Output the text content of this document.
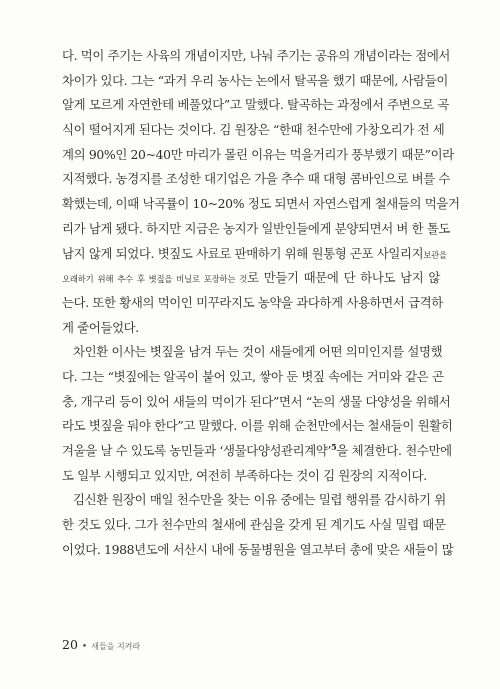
다. 먹이 주기는 사육의 개념이지만, 나눠 주기는 공유의 개념이라는 점에서
차이가 있다. 그는 “과거 우리 농사는 논에서 탈곡을 했기 때문에, 사람들이
알게 모르게 자연한테 베풀었다”고 말했다. 탈곡하는 과정에서 주변으로 곡
식이 떨어지게 된다는 것이다. 김 원장은 “한때 천수만에 가창오리가 전 세
계의 90%인 20~40만 마리가 몰린 이유는 먹을거리가 풍부했기 때문”이라
지적했다. 농경지를 조성한 대기업은 가을 추수 때 대형 콤바인으로 벼를 수
확했는데, 이때 낙곡률이 10~20% 정도 되면서 자연스럽게 철새들의 먹을거
리가 남게 됐다. 하지만 지금은 농지가 일반인들에게 분양되면서 벼 한 톨도
남지 않게 되었다. 볏짚도 사료로 판매하기 위해 원통형 곤포 사일리지보관을
오래하기 위해 추수 후 볏짚을 비닐로 포장하는 것로 만들기 때문에 단 하나도 남지 않
는다. 또한 황새의 먹이인 미꾸라지도 농약을 과다하게 사용하면서 급격하
게 줄어들었다.
차인환 이사는 볏짚을 남겨 두는 것이 새들에게 어떤 의미인지를 설명했
다. 그는 “볏짚에는 알곡이 붙어 있고, 쌓아 둔 볏짚 속에는 거미와 같은 곤
충, 개구리 등이 있어 새들의 먹이가 된다”면서 “논의 생물 다양성을 위해서
라도 볏짚을 둬야 한다”고 말했다. 이를 위해 순천만에서는 철새들이 원활히
겨울을 날 수 있도록 농민들과 ‘생물다양성관리계약’$^5$을 체결한다. 천수만에
도 일부 시행되고 있지만, 여전히 부족하다는 것이 김 원장의 지적이다.
김신환 원장이 매일 천수만을 찾는 이유 중에는 밀렵 행위를 감시하기 위
한 것도 있다. 그가 천수만의 철새에 관심을 갖게 된 계기도 사실 밀렵 때문
이었다. 1988년도에 서산시 내에 동물병원을 열고부터 총에 맞은 새들이 많
20 • 새들을 지켜라
